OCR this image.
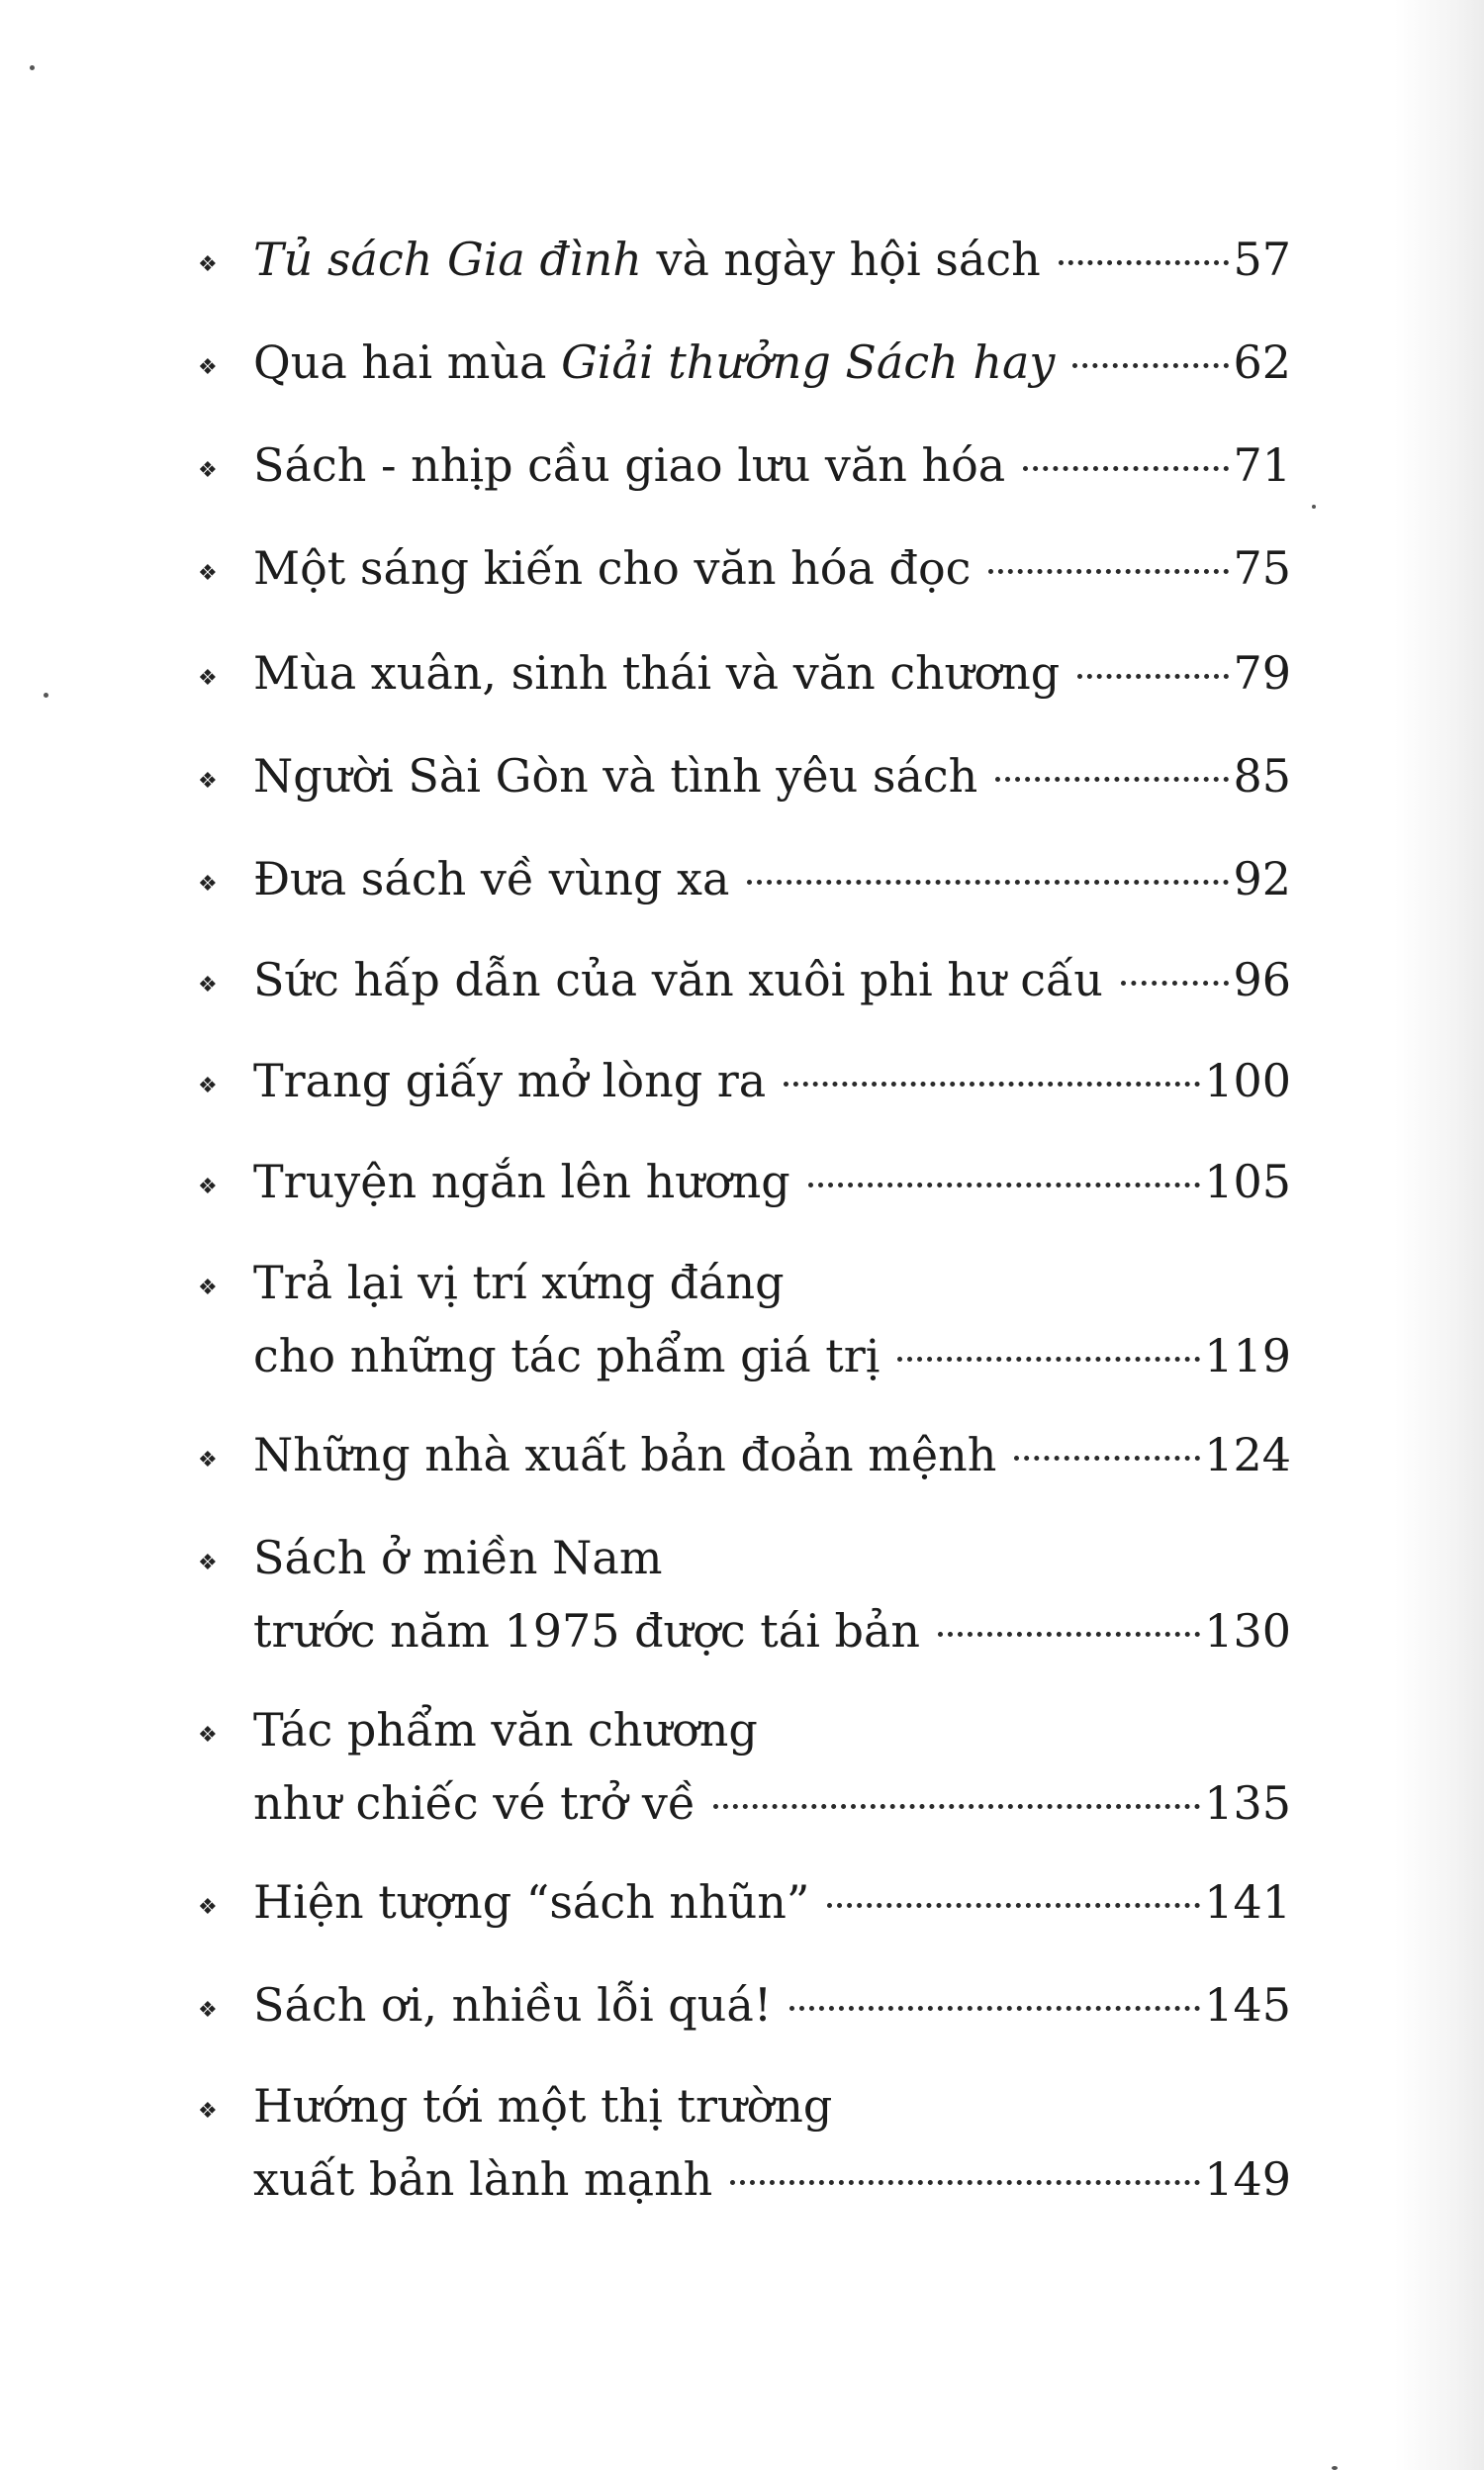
❖ Tủ sách Gia đình và ngày hội sách	57
❖ Qua hai mùa Giải thưởng Sách hay	62
❖ Sách - nhịp cầu giao lưu văn hóa	71
❖ Một sáng kiến cho văn hóa đọc	75
❖ Mùa xuân, sinh thái và văn chương	79
❖ Người Sài Gòn và tình yêu sách	85
❖ Đưa sách về vùng xa	92
❖ Sức hấp dẫn của văn xuôi phi hư cấu	96
❖ Trang giấy mở lòng ra	100
❖ Truyện ngắn lên hương	105
❖ Trả lại vị trí xứng đáng
cho những tác phẩm giá trị	119
❖ Những nhà xuất bản đoản mệnh	124
❖ Sách ở miền Nam
trước năm 1975 được tái bản	130
❖ Tác phẩm văn chương
như chiếc vé trở về	135
❖ Hiện tượng “sách nhũn”	141
❖ Sách ơi, nhiều lỗi quá!	145
❖ Hướng tới một thị trường
xuất bản lành mạnh	149
